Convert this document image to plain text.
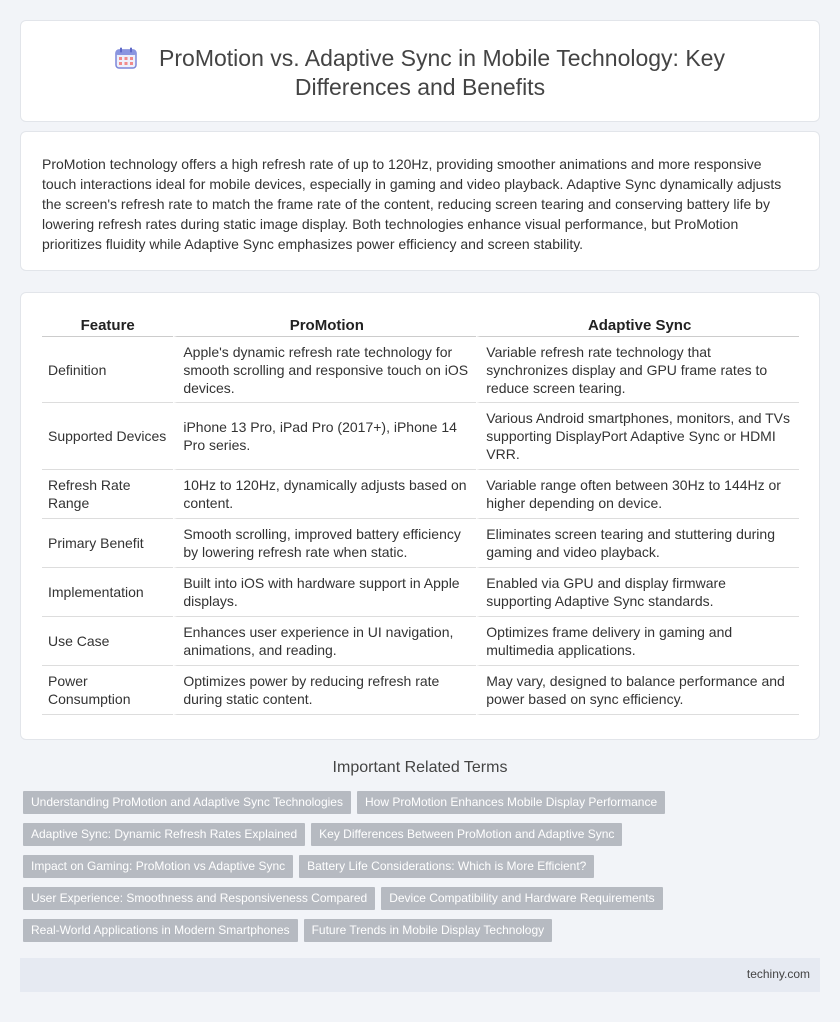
ProMotion vs. Adaptive Sync in Mobile Technology: Key
Differences and Benefits

ProMotion technology offers a high refresh rate of up to 120Hz, providing smoother animations and more responsive touch interactions ideal for mobile devices, especially in gaming and video playback. Adaptive Sync dynamically adjusts the screen's refresh rate to match the frame rate of the content, reducing screen tearing and conserving battery life by lowering refresh rates during static image display. Both technologies enhance visual performance, but ProMotion prioritizes fluidity while Adaptive Sync emphasizes power efficiency and screen stability.

Feature	ProMotion	Adaptive Sync
Definition	Apple's dynamic refresh rate technology for smooth scrolling and responsive touch on iOS devices.	Variable refresh rate technology that synchronizes display and GPU frame rates to reduce screen tearing.
Supported Devices	iPhone 13 Pro, iPad Pro (2017+), iPhone 14 Pro series.	Various Android smartphones, monitors, and TVs supporting DisplayPort Adaptive Sync or HDMI VRR.
Refresh Rate Range	10Hz to 120Hz, dynamically adjusts based on content.	Variable range often between 30Hz to 144Hz or higher depending on device.
Primary Benefit	Smooth scrolling, improved battery efficiency by lowering refresh rate when static.	Eliminates screen tearing and stuttering during gaming and video playback.
Implementation	Built into iOS with hardware support in Apple displays.	Enabled via GPU and display firmware supporting Adaptive Sync standards.
Use Case	Enhances user experience in UI navigation, animations, and reading.	Optimizes frame delivery in gaming and multimedia applications.
Power Consumption	Optimizes power by reducing refresh rate during static content.	May vary, designed to balance performance and power based on sync efficiency.
Important Related Terms
Understanding ProMotion and Adaptive Sync Technologies How ProMotion Enhances Mobile Display Performance
Adaptive Sync: Dynamic Refresh Rates Explained Key Differences Between ProMotion and Adaptive Sync
Impact on Gaming: ProMotion vs Adaptive Sync Battery Life Considerations: Which is More Efficient?
User Experience: Smoothness and Responsiveness Compared Device Compatibility and Hardware Requirements
Real-World Applications in Modern Smartphones Future Trends in Mobile Display Technology
techiny.com
